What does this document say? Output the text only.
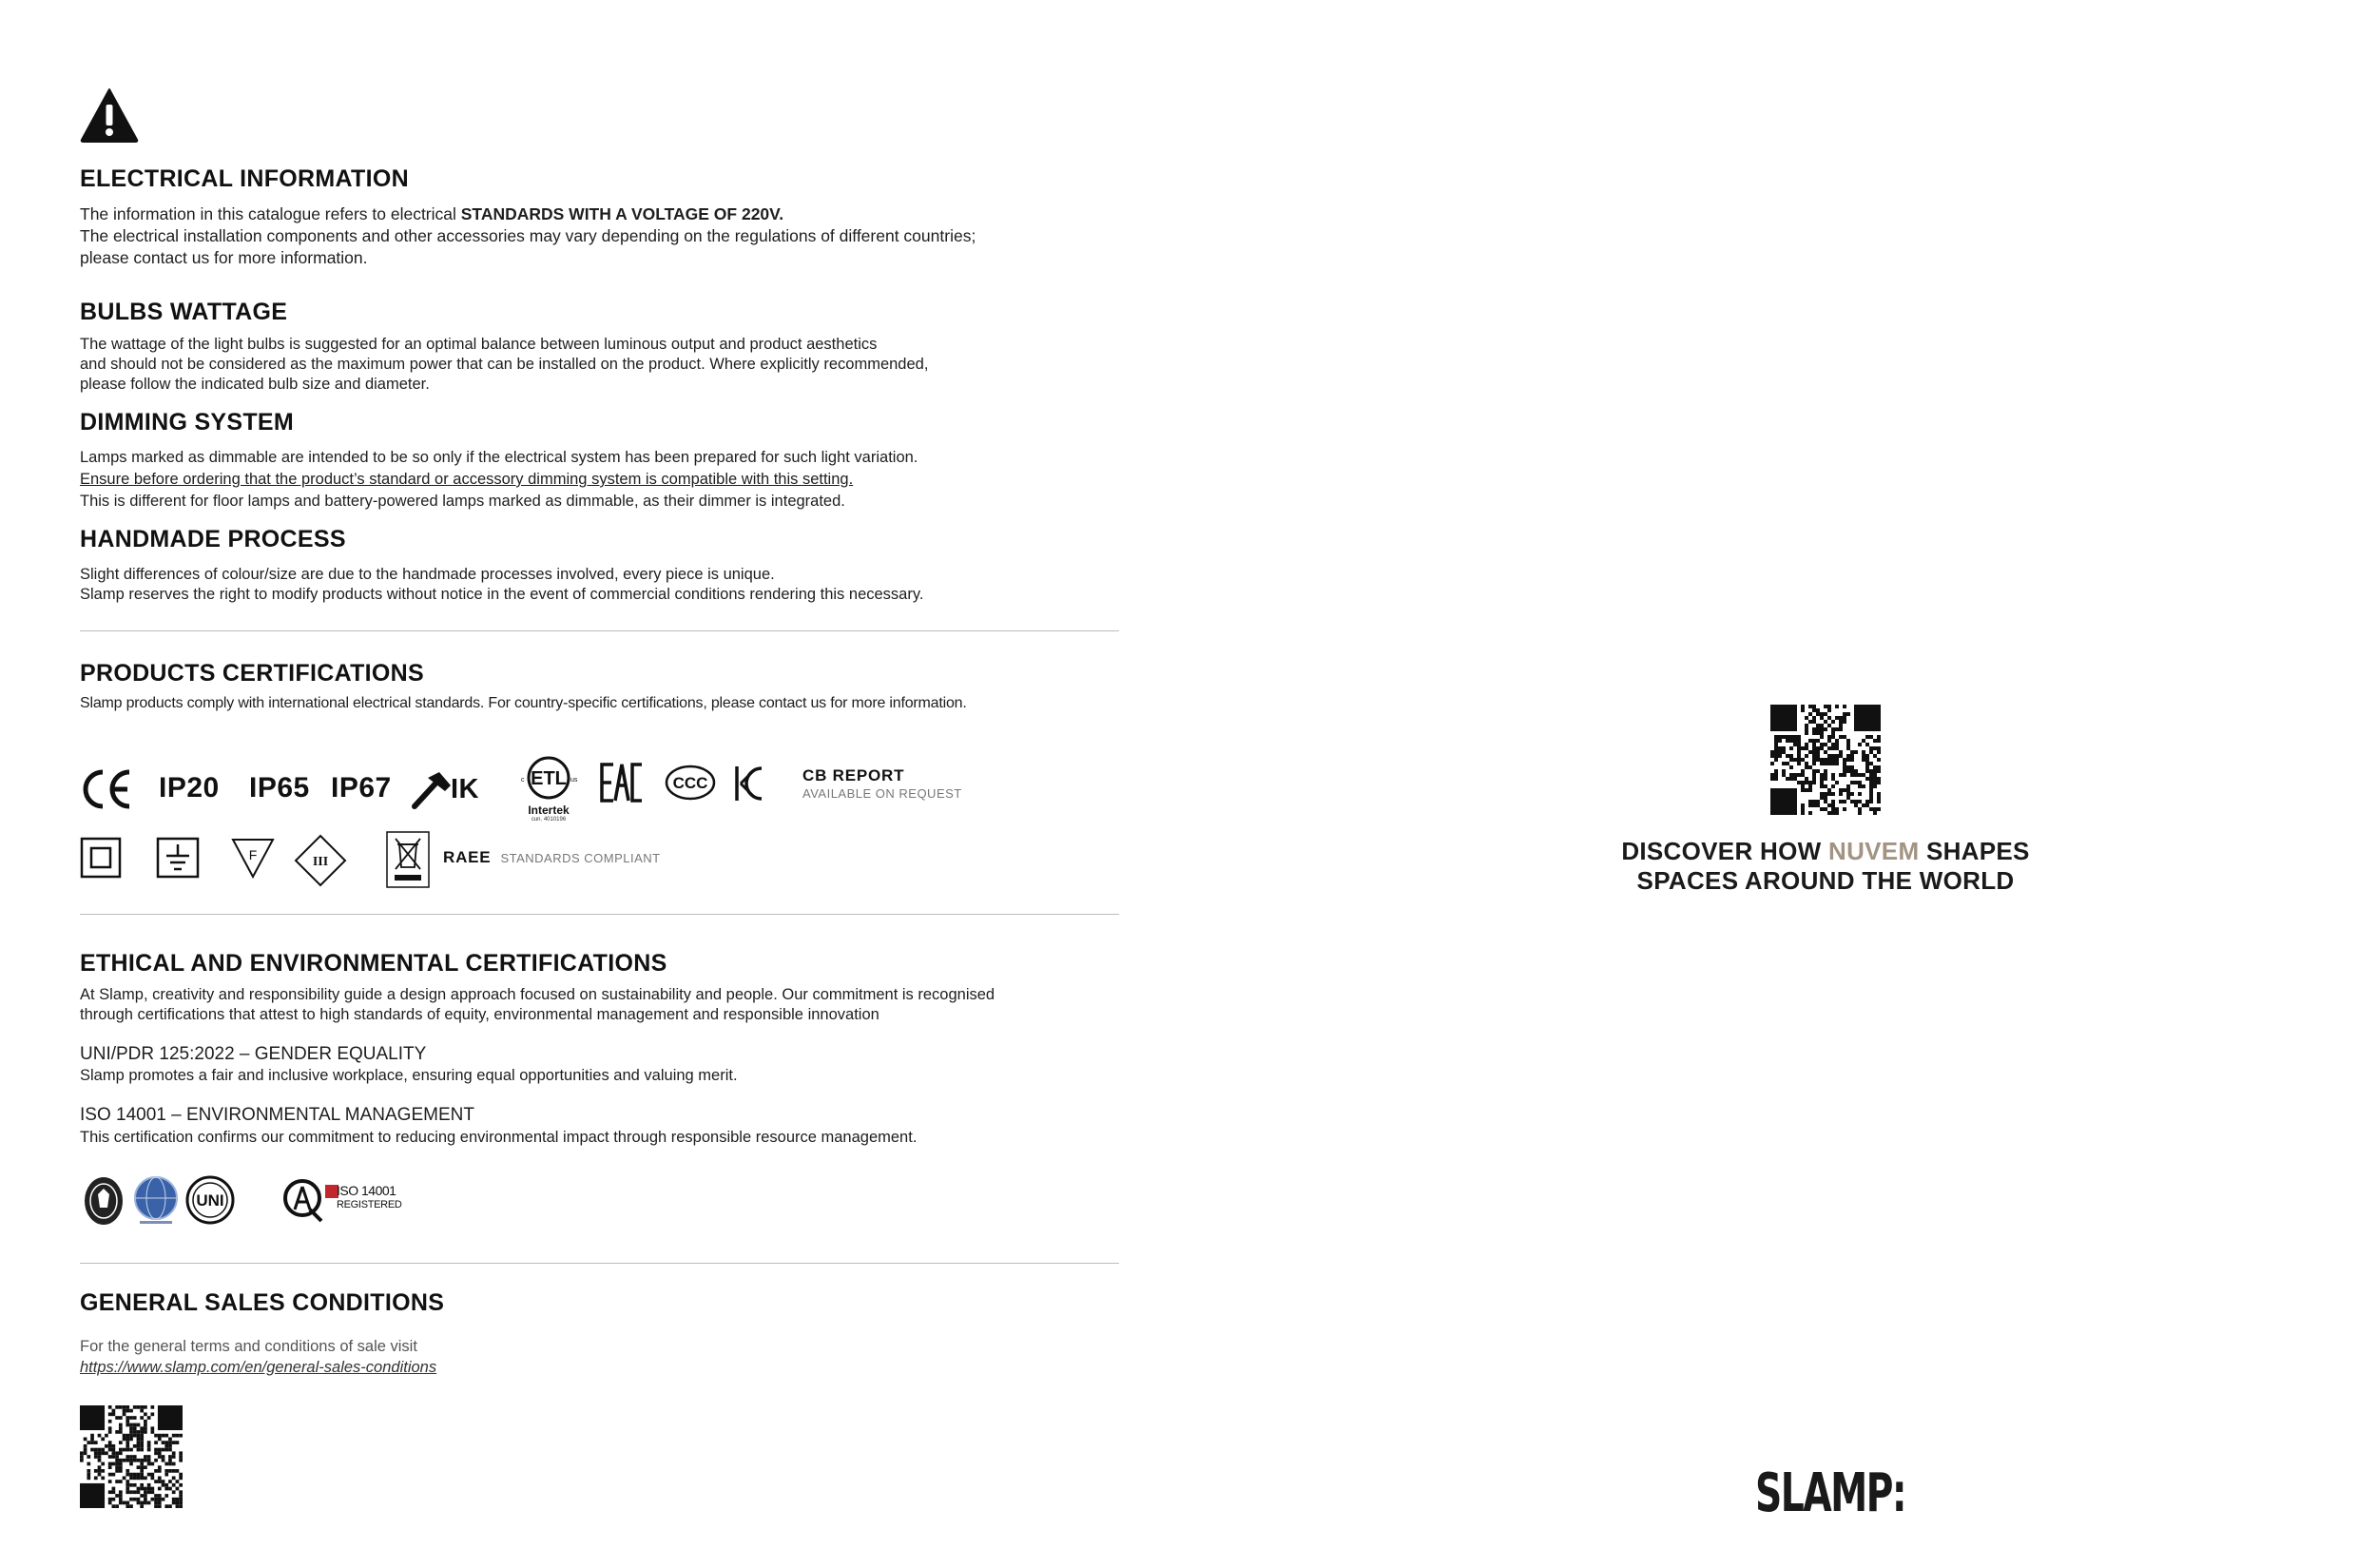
ELECTRICAL INFORMATION
The information in this catalogue refers to electrical STANDARDS WITH A VOLTAGE OF 220V.
The electrical installation components and other accessories may vary depending on the regulations of different countries;
please contact us for more information.
BULBS WATTAGE
The wattage of the light bulbs is suggested for an optimal balance between luminous output and product aesthetics
and should not be considered as the maximum power that can be installed on the product. Where explicitly recommended,
please follow the indicated bulb size and diameter.
DIMMING SYSTEM
Lamps marked as dimmable are intended to be so only if the electrical system has been prepared for such light variation.
Ensure before ordering that the product’s standard or accessory dimming system is compatible with this setting.
This is different for floor lamps and battery-powered lamps marked as dimmable, as their dimmer is integrated.
HANDMADE PROCESS
Slight differences of colour/size are due to the handmade processes involved, every piece is unique.
Slamp reserves the right to modify products without notice in the event of commercial conditions rendering this necessary.
PRODUCTS CERTIFICATIONS
Slamp products comply with international electrical standards. For country-specific certifications, please contact us for more information.
IP20 IP65 IP67 IK	ETL
c	us
Intertek
cun. 4010196
CCC	CB REPORT
AVAILABLE ON REQUEST
F	III	RAEE STANDARDS COMPLIANT
ETHICAL AND ENVIRONMENTAL CERTIFICATIONS
At Slamp, creativity and responsibility guide a design approach focused on sustainability and people. Our commitment is recognised
through certifications that attest to high standards of equity, environmental management and responsible innovation
UNI/PDR 125:2022 – GENDER EQUALITY
Slamp promotes a fair and inclusive workplace, ensuring equal opportunities and valuing merit.
ISO 14001 – ENVIRONMENTAL MANAGEMENT
This certification confirms our commitment to reducing environmental impact through responsible resource management.
UNI
ISO 14001
REGISTERED
GENERAL SALES CONDITIONS
For the general terms and conditions of sale visit
https://www.slamp.com/en/general-sales-conditions
DISCOVER HOW NUVEM SHAPES
SPACES AROUND THE WORLD
SLAMP:
